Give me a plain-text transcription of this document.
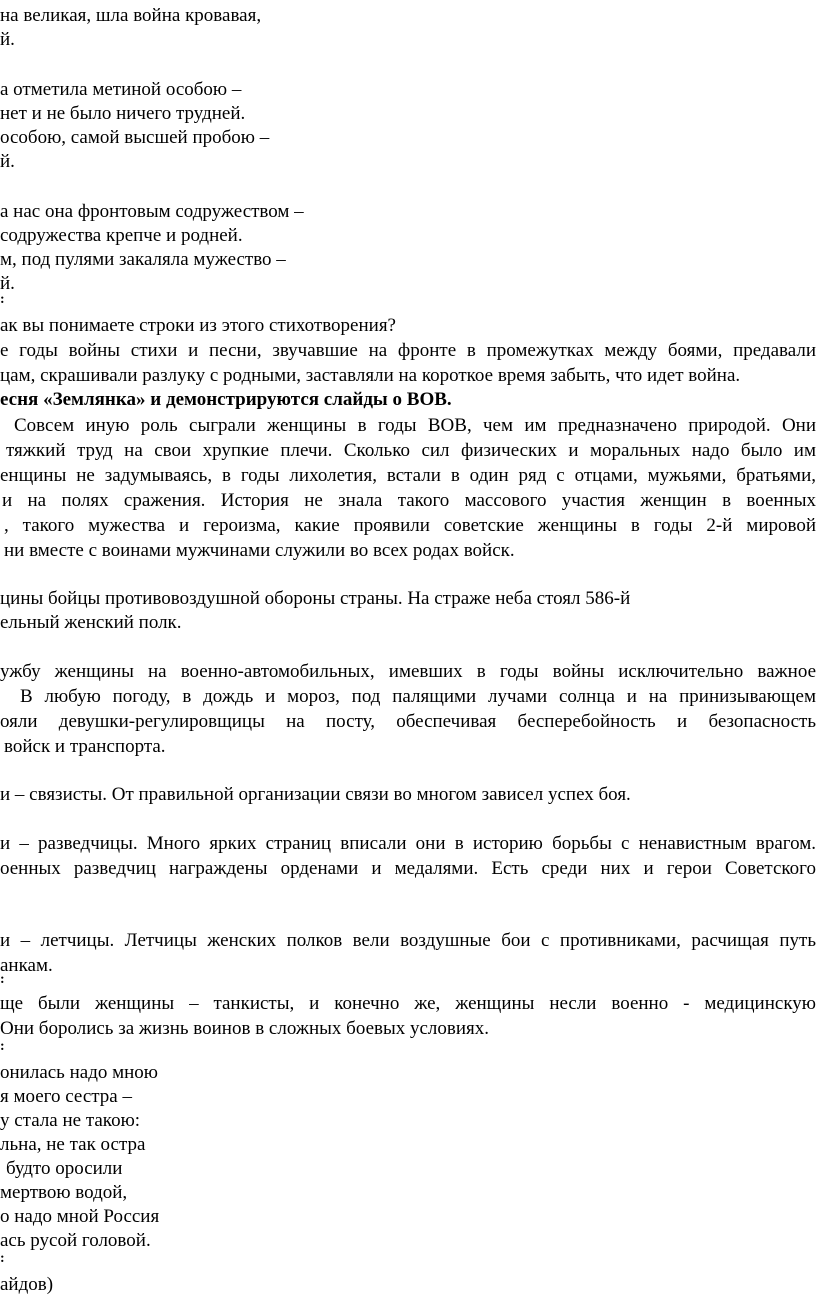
на великая, шла война кровавая,
й.
а отметила метиной особою –
нет и не было ничего трудней.
особою, самой высшей пробою –
й.
а нас она фронтовым содружеством –
содружества крепче и родней.
м, под пулями закаляла мужество –
й.
:
ак вы понимаете строки из этого стихотворения?
е годы войны стихи и песни, звучавшие на фронте в промежутках между боями, предавали
цам, скрашивали разлуку с родными, заставляли на короткое время забыть, что идет война.
есня «Землянка» и демонстрируются слайды о ВОВ.
Совсем иную роль сыграли женщины в годы ВОВ, чем им предназначено природой. Они
тяжкий труд на свои хрупкие плечи. Сколько сил физических и моральных надо было им
енщины не задумываясь, в годы лихолетия, встали в один ряд с отцами, мужьями, братьями,
и на полях сражения. История не знала такого массового участия женщин в военных
, такого мужества и героизма, какие проявили советские женщины в годы 2-й мировой
ни вместе с воинами мужчинами служили во всех родах войск.
цины бойцы противовоздушной обороны страны. На страже неба стоял 586-й
ельный женский полк.
ужбу женщины на военно-автомобильных, имевших в годы войны исключительно важное
В любую погоду, в дождь и мороз, под палящими лучами солнца и на принизывающем
ояли девушки-регулировщицы на посту, обеспечивая бесперебойность и безопасность
войск и транспорта.
и – связисты. От правильной организации связи во многом зависел успех боя.
и – разведчицы. Много ярких страниц вписали они в историю борьбы с ненавистным врагом.
оенных разведчиц награждены орденами и медалями. Есть среди них и герои Советского
и – летчицы. Летчицы женских полков вели воздушные бои с противниками, расчищая путь
анкам.
:
ще были женщины – танкисты, и конечно же, женщины несли военно - медицинскую
Они боролись за жизнь воинов в сложных боевых условиях.
:
онилась надо мною
я моего сестра –
у стала не такою:
льна, не так остра
будто оросили
мертвою водой,
о надо мной Россия
ась русой головой.
:
айдов)
